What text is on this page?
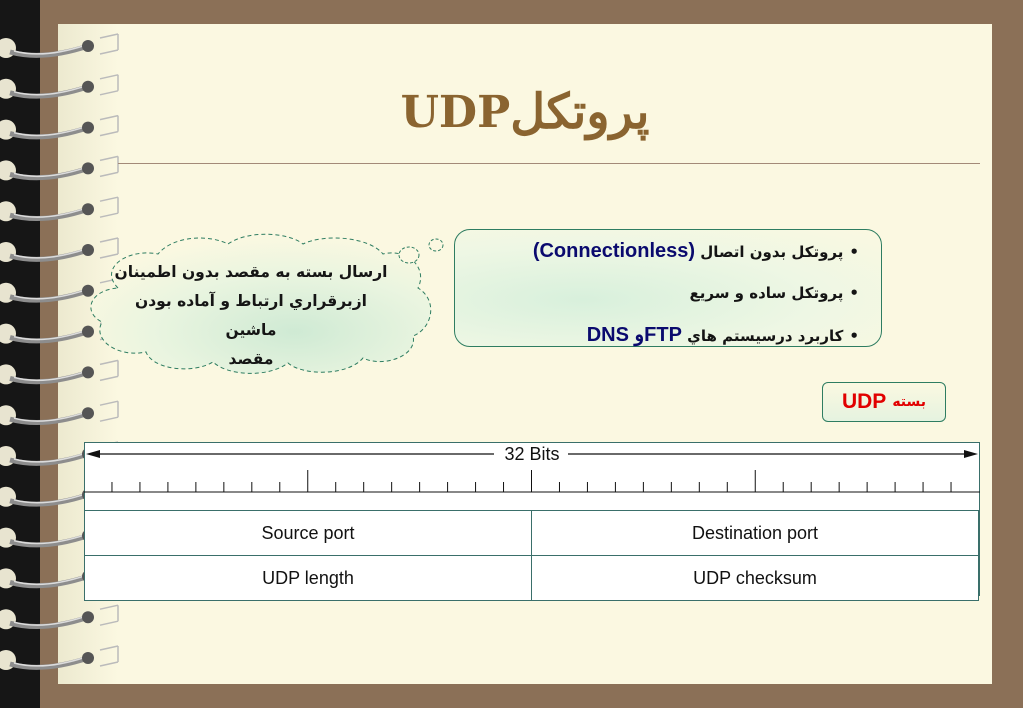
UDP پروتکل
ارسال بسته به مقصد بدون اطمينان
ازبرقراري ارتباط و آماده بودن ماشين
مقصد
•پروتکل بدون اتصال (Connectionless)
•پروتکل ساده و سريع
•کاربرد درسيستم هاي DNS وFTP
بسته
UDP
32 Bits
Source port	Destination port
UDP length	UDP checksum
